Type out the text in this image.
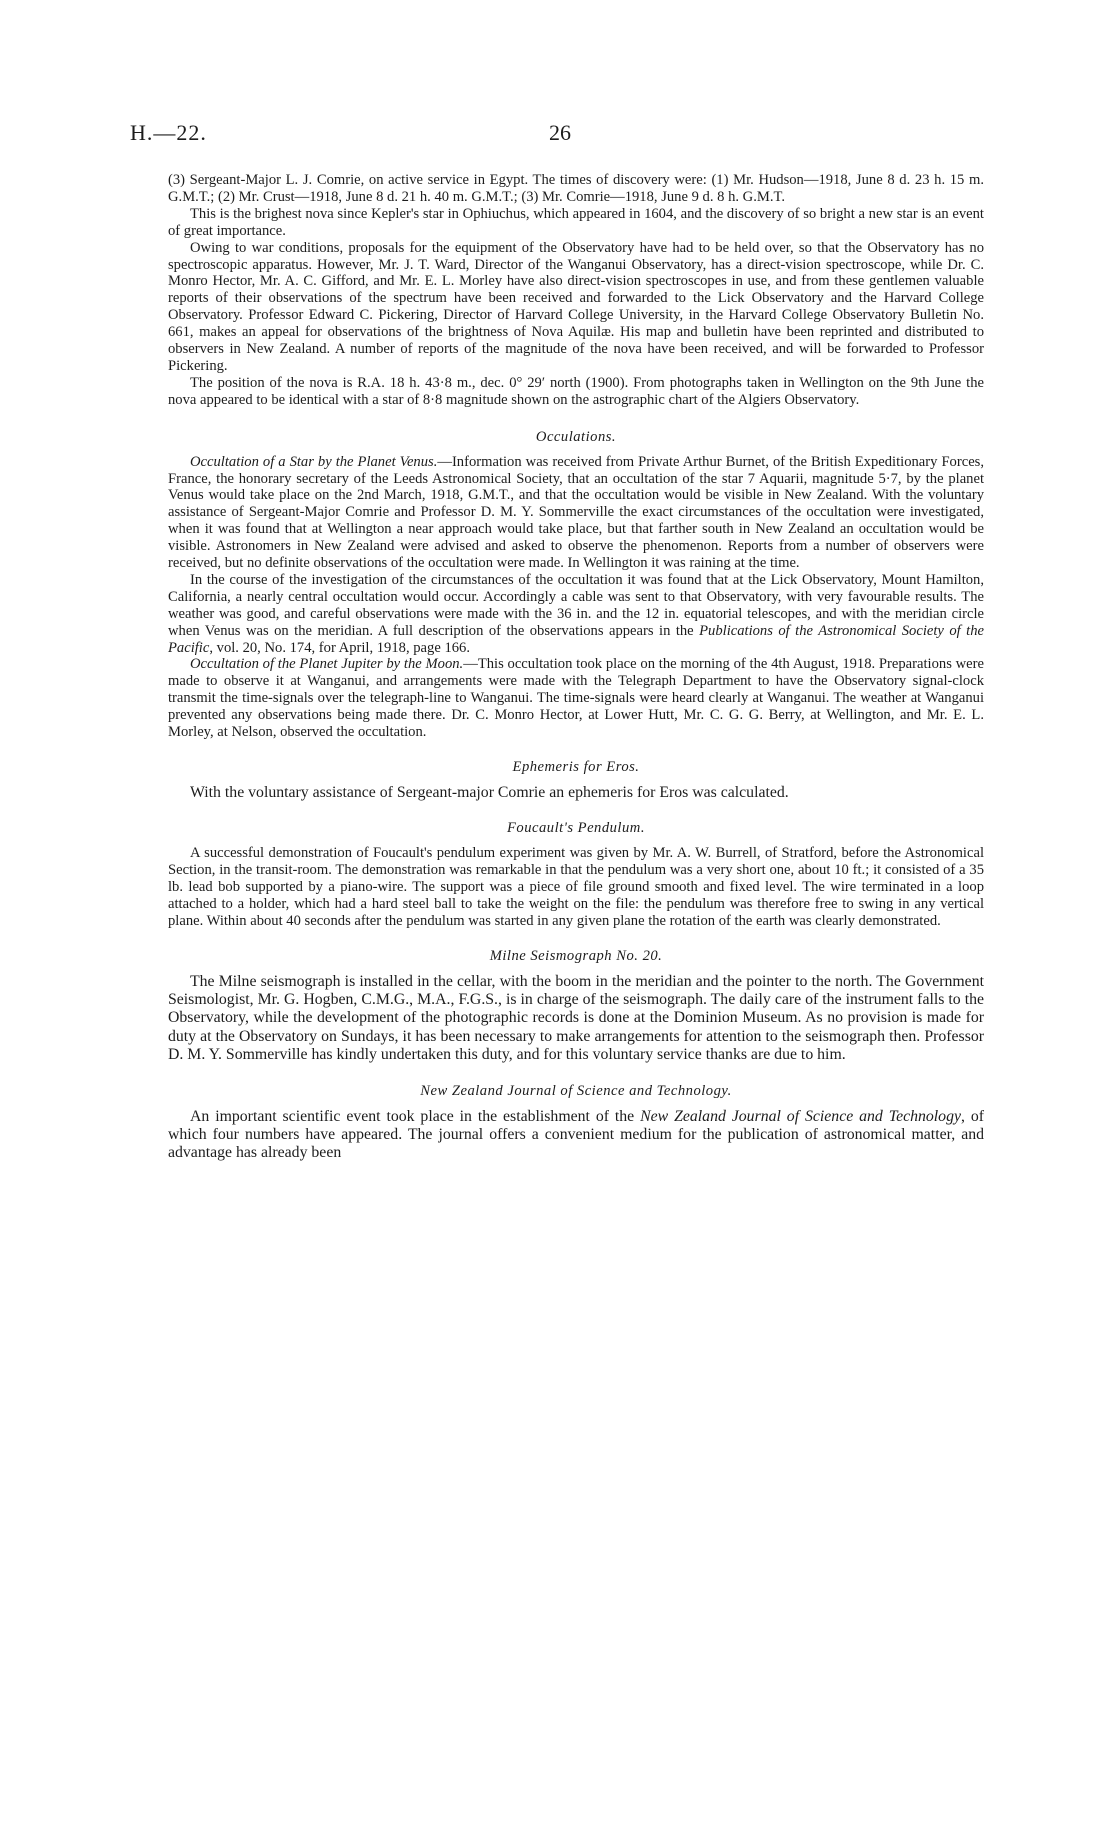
H.—22.	26

(3) Sergeant-Major L. J. Comrie, on active service in Egypt. The times of discovery were: (1) Mr. Hudson—1918, June 8 d. 23 h. 15 m. G.M.T.; (2) Mr. Crust—1918, June 8 d. 21 h. 40 m. G.M.T.; (3) Mr. Comrie—1918, June 9 d. 8 h. G.M.T.

This is the brighest nova since Kepler's star in Ophiuchus, which appeared in 1604, and the discovery of so bright a new star is an event of great importance.

Owing to war conditions, proposals for the equipment of the Observatory have had to be held over, so that the Observatory has no spectroscopic apparatus. However, Mr. J. T. Ward, Director of the Wanganui Observatory, has a direct-vision spectroscope, while Dr. C. Monro Hector, Mr. A. C. Gifford, and Mr. E. L. Morley have also direct-vision spectroscopes in use, and from these gentlemen valuable reports of their observations of the spectrum have been received and forwarded to the Lick Observatory and the Harvard College Observatory. Professor Edward C. Pickering, Director of Harvard College University, in the Harvard College Observatory Bulletin No. 661, makes an appeal for observations of the brightness of Nova Aquilæ. His map and bulletin have been reprinted and distributed to observers in New Zealand. A number of reports of the magnitude of the nova have been received, and will be forwarded to Professor Pickering.

The position of the nova is R.A. 18 h. 43·8 m., dec. 0° 29′ north (1900). From photographs taken in Wellington on the 9th June the nova appeared to be identical with a star of 8·8 magnitude shown on the astrographic chart of the Algiers Observatory.

Occulations.

Occultation of a Star by the Planet Venus.—Information was received from Private Arthur Burnet, of the British Expeditionary Forces, France, the honorary secretary of the Leeds Astronomical Society, that an occultation of the star 7 Aquarii, magnitude 5·7, by the planet Venus would take place on the 2nd March, 1918, G.M.T., and that the occultation would be visible in New Zealand. With the voluntary assistance of Sergeant-Major Comrie and Professor D. M. Y. Sommerville the exact circumstances of the occultation were investigated, when it was found that at Wellington a near approach would take place, but that farther south in New Zealand an occultation would be visible. Astronomers in New Zealand were advised and asked to observe the phenomenon. Reports from a number of observers were received, but no definite observations of the occultation were made. In Wellington it was raining at the time.

In the course of the investigation of the circumstances of the occultation it was found that at the Lick Observatory, Mount Hamilton, California, a nearly central occultation would occur. Accordingly a cable was sent to that Observatory, with very favourable results. The weather was good, and careful observations were made with the 36 in. and the 12 in. equatorial telescopes, and with the meridian circle when Venus was on the meridian. A full description of the observations appears in the Publications of the Astronomical Society of the Pacific, vol. 20, No. 174, for April, 1918, page 166.

Occultation of the Planet Jupiter by the Moon.—This occultation took place on the morning of the 4th August, 1918. Preparations were made to observe it at Wanganui, and arrangements were made with the Telegraph Department to have the Observatory signal-clock transmit the time-signals over the telegraph-line to Wanganui. The time-signals were heard clearly at Wanganui. The weather at Wanganui prevented any observations being made there. Dr. C. Monro Hector, at Lower Hutt, Mr. C. G. G. Berry, at Wellington, and Mr. E. L. Morley, at Nelson, observed the occultation.

Ephemeris for Eros.

With the voluntary assistance of Sergeant-major Comrie an ephemeris for Eros was calculated.

Foucault's Pendulum.

A successful demonstration of Foucault's pendulum experiment was given by Mr. A. W. Burrell, of Stratford, before the Astronomical Section, in the transit-room. The demonstration was remarkable in that the pendulum was a very short one, about 10 ft.; it consisted of a 35 lb. lead bob supported by a piano-wire. The support was a piece of file ground smooth and fixed level. The wire terminated in a loop attached to a holder, which had a hard steel ball to take the weight on the file: the pendulum was therefore free to swing in any vertical plane. Within about 40 seconds after the pendulum was started in any given plane the rotation of the earth was clearly demonstrated.

Milne Seismograph No. 20.

The Milne seismograph is installed in the cellar, with the boom in the meridian and the pointer to the north. The Government Seismologist, Mr. G. Hogben, C.M.G., M.A., F.G.S., is in charge of the seismograph. The daily care of the instrument falls to the Observatory, while the development of the photographic records is done at the Dominion Museum. As no provision is made for duty at the Observatory on Sundays, it has been necessary to make arrangements for attention to the seismograph then. Professor D. M. Y. Sommerville has kindly undertaken this duty, and for this voluntary service thanks are due to him.

New Zealand Journal of Science and Technology.

An important scientific event took place in the establishment of the New Zealand Journal of Science and Technology, of which four numbers have appeared. The journal offers a convenient medium for the publication of astronomical matter, and advantage has already been
